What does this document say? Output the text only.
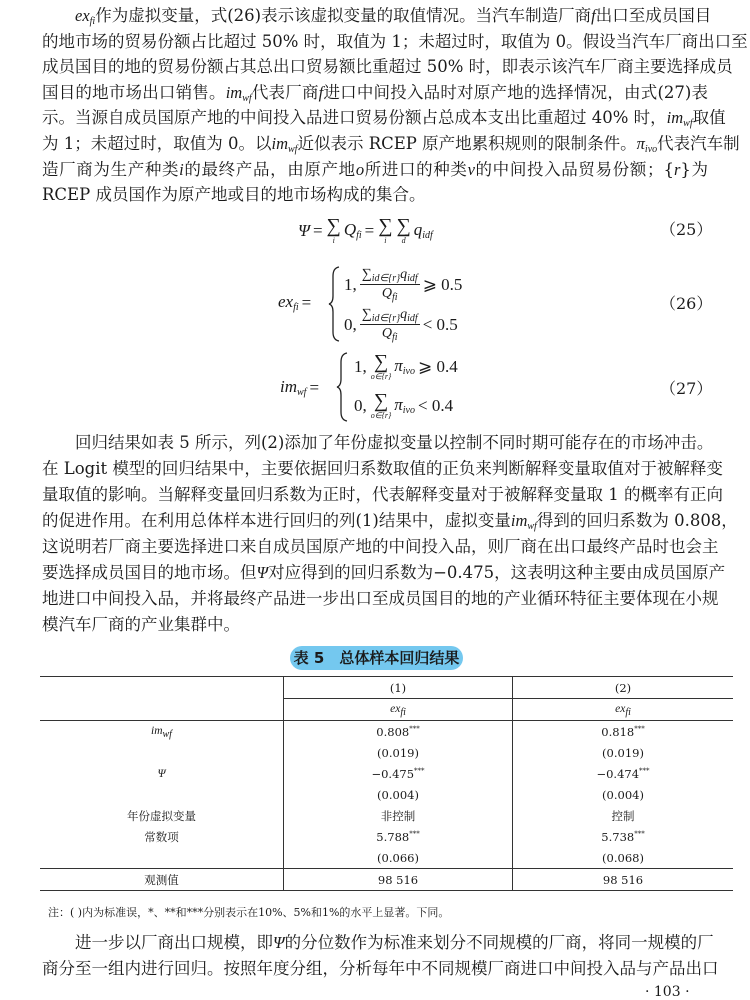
$ex_{fi}$作为虚拟变量，式(26)表示该虚拟变量的取值情况。当汽车制造厂商f出口至成员国目
的地市场的贸易份额占比超过 50% 时，取值为 1；未超过时，取值为 0。假设当汽车厂商出口至
成员国目的地的贸易份额占其总出口贸易额比重超过 50% 时，即表示该汽车厂商主要选择成员
国目的地市场出口销售。$im_{wf}$代表厂商f进口中间投入品时对原产地的选择情况，由式(27)表
示。当源自成员国原产地的中间投入品进口贸易份额占总成本支出比重超过 40% 时，$im_{wf}$取值
为 1；未超过时，取值为 0。以$im_{wf}$近似表示 RCEP 原产地累积规则的限制条件。$\pi_{ivo}$代表汽车制
造厂商为生产种类i的最终产品，由原产地o所进口的种类v的中间投入品贸易份额；{r}为
RCEP 成员国作为原产地或目的地市场构成的集合。
Ψ = ∑
i
$Q_{fi}$ = ∑
i
∑
d
$q_{idf}$	（25）
$ex_{fi}$ =
1, $\frac{\sum_{id\in\{r\}}q_{idf}}{Q_{fi}}$ ⩾ 0.5
0, $\frac{\sum_{id\in\{r\}}q_{idf}}{Q_{fi}} < 0.5$
（26）
$im_{wf}$ =
1, ∑
o∈{r}
$\pi_{ivo}$ ⩾ 0.4
0, ∑
o∈{r}
$\pi_{ivo} < 0.4$
（27）
回归结果如表 5 所示，列(2)添加了年份虚拟变量以控制不同时期可能存在的市场冲击。
在 Logit 模型的回归结果中，主要依据回归系数取值的正负来判断解释变量取值对于被解释变
量取值的影响。当解释变量回归系数为正时，代表解释变量对于被解释变量取 1 的概率有正向
的促进作用。在利用总体样本进行回归的列(1)结果中，虚拟变量$im_{wf}$得到的回归系数为 0.808，
这说明若厂商主要选择进口来自成员国原产地的中间投入品，则厂商在出口最终产品时也会主
要选择成员国目的地市场。但Ψ对应得到的回归系数为−0.475，这表明这种主要由成员国原产
地进口中间投入品，并将最终产品进一步出口至成员国目的地的产业循环特征主要体现在小规
模汽车厂商的产业集群中。
表 5　总体样本回归结果
	(1)	(2)
	$ex_{fi}$	$ex_{fi}$
$im_{wf}$	0.808***	0.818***
	(0.019)	(0.019)
Ψ	−0.475***	−0.474***
	(0.004)	(0.004)
年份虚拟变量	非控制	控制
常数项	5.788***	5.738***
	(0.066)	(0.068)
观测值	98 516	98 516
注：( )内为标准误，*、**和***分别表示在10%、5%和1%的水平上显著。下同。
进一步以厂商出口规模，即Ψ的分位数作为标准来划分不同规模的厂商，将同一规模的厂
商分至一组内进行回归。按照年度分组，分析每年中不同规模厂商进口中间投入品与产品出口
· 103 ·
